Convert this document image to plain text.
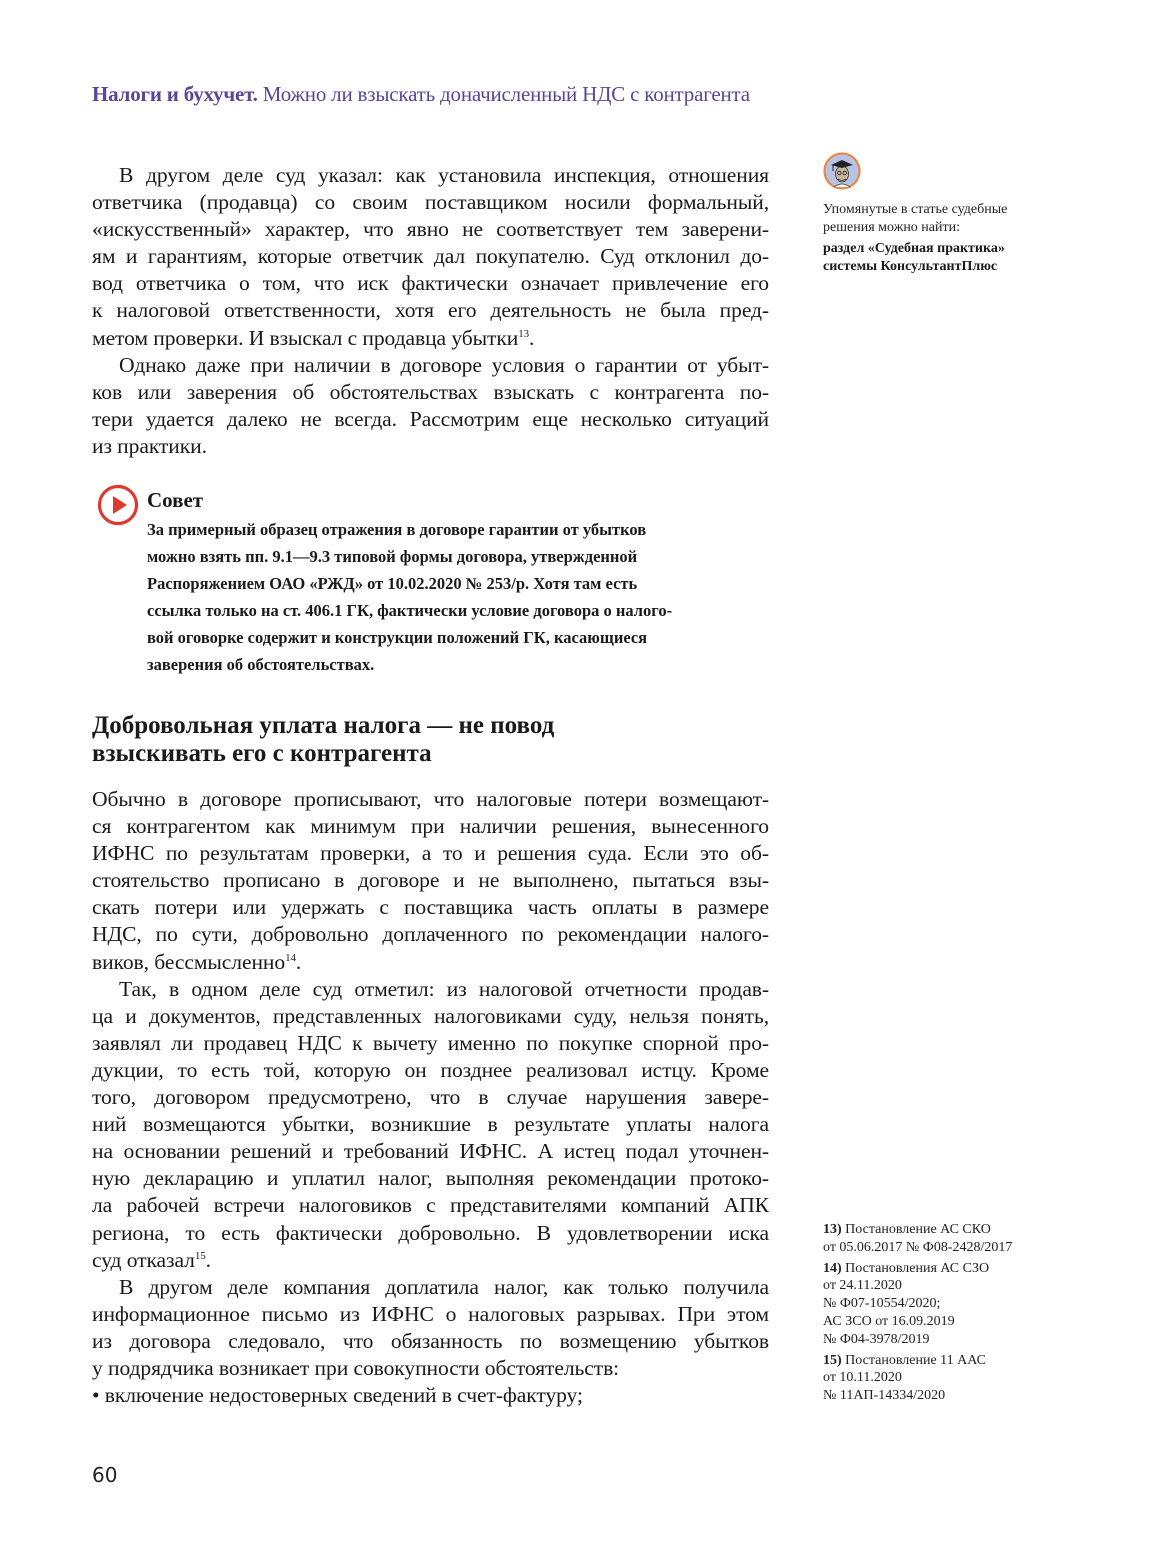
Налоги и бухучет. Можно ли взыскать доначисленный НДС с контрагента

В другом деле суд указал: как установила инспекция, отношения
ответчика (продавца) со своим поставщиком носили формальный,
«искусственный» характер, что явно не соответствует тем заверени-
ям и гарантиям, которые ответчик дал покупателю. Суд отклонил до-
вод ответчика о том, что иск фактически означает привлечение его
к налоговой ответственности, хотя его деятельность не была пред-
метом проверки. И взыскал с продавца убытки$^{13}$.

Однако даже при наличии в договоре условия о гарантии от убыт-
ков или заверения об обстоятельствах взыскать с контрагента по-
тери удается далеко не всегда. Рассмотрим еще несколько ситуаций
из практики.

Совет
За примерный образец отражения в договоре гарантии от убытков
можно взять пп. 9.1—9.3 типовой формы договора, утвержденной
Распоряжением ОАО «РЖД» от 10.02.2020 № 253/р. Хотя там есть
ссылка только на ст. 406.1 ГК, фактически условие договора о налого-
вой оговорке содержит и конструкции положений ГК, касающиеся
заверения об обстоятельствах.
Добровольная уплата налога — не повод
взыскивать его с контрагента

Обычно в договоре прописывают, что налоговые потери возмещают-
ся контрагентом как минимум при наличии решения, вынесенного
ИФНС по результатам проверки, а то и решения суда. Если это об-
стоятельство прописано в договоре и не выполнено, пытаться взы-
скать потери или удержать с поставщика часть оплаты в размере
НДС, по сути, добровольно доплаченного по рекомендации налого-
виков, бессмысленно$^{14}$.

Так, в одном деле суд отметил: из налоговой отчетности продав-
ца и документов, представленных налоговиками суду, нельзя понять,
заявлял ли продавец НДС к вычету именно по покупке спорной про-
дукции, то есть той, которую он позднее реализовал истцу. Кроме
того, договором предусмотрено, что в случае нарушения завере-
ний возмещаются убытки, возникшие в результате уплаты налога
на основании решений и требований ИФНС. А истец подал уточнен-
ную декларацию и уплатил налог, выполняя рекомендации протоко-
ла рабочей встречи налоговиков с представителями компаний АПК
региона, то есть фактически добровольно. В удовлетворении иска
суд отказал$^{15}$.

В другом деле компания доплатила налог, как только получила
информационное письмо из ИФНС о налоговых разрывах. При этом
из договора следовало, что обязанность по возмещению убытков
у подрядчика возникает при совокупности обстоятельств:

• включение недостоверных сведений в счет-фактуру;

Упомянутые в статье судебные решения можно найти:
раздел «Судебная практика» системы КонсультантПлюс
13) Постановление АС СКО
от 05.06.2017 № Ф08-2428/2017
14) Постановления АС СЗО
от 24.11.2020
№ Ф07-10554/2020;
АС ЗСО от 16.09.2019
№ Ф04-3978/2019
15) Постановление 11 ААС
от 10.11.2020
№ 11АП-14334/2020
60
